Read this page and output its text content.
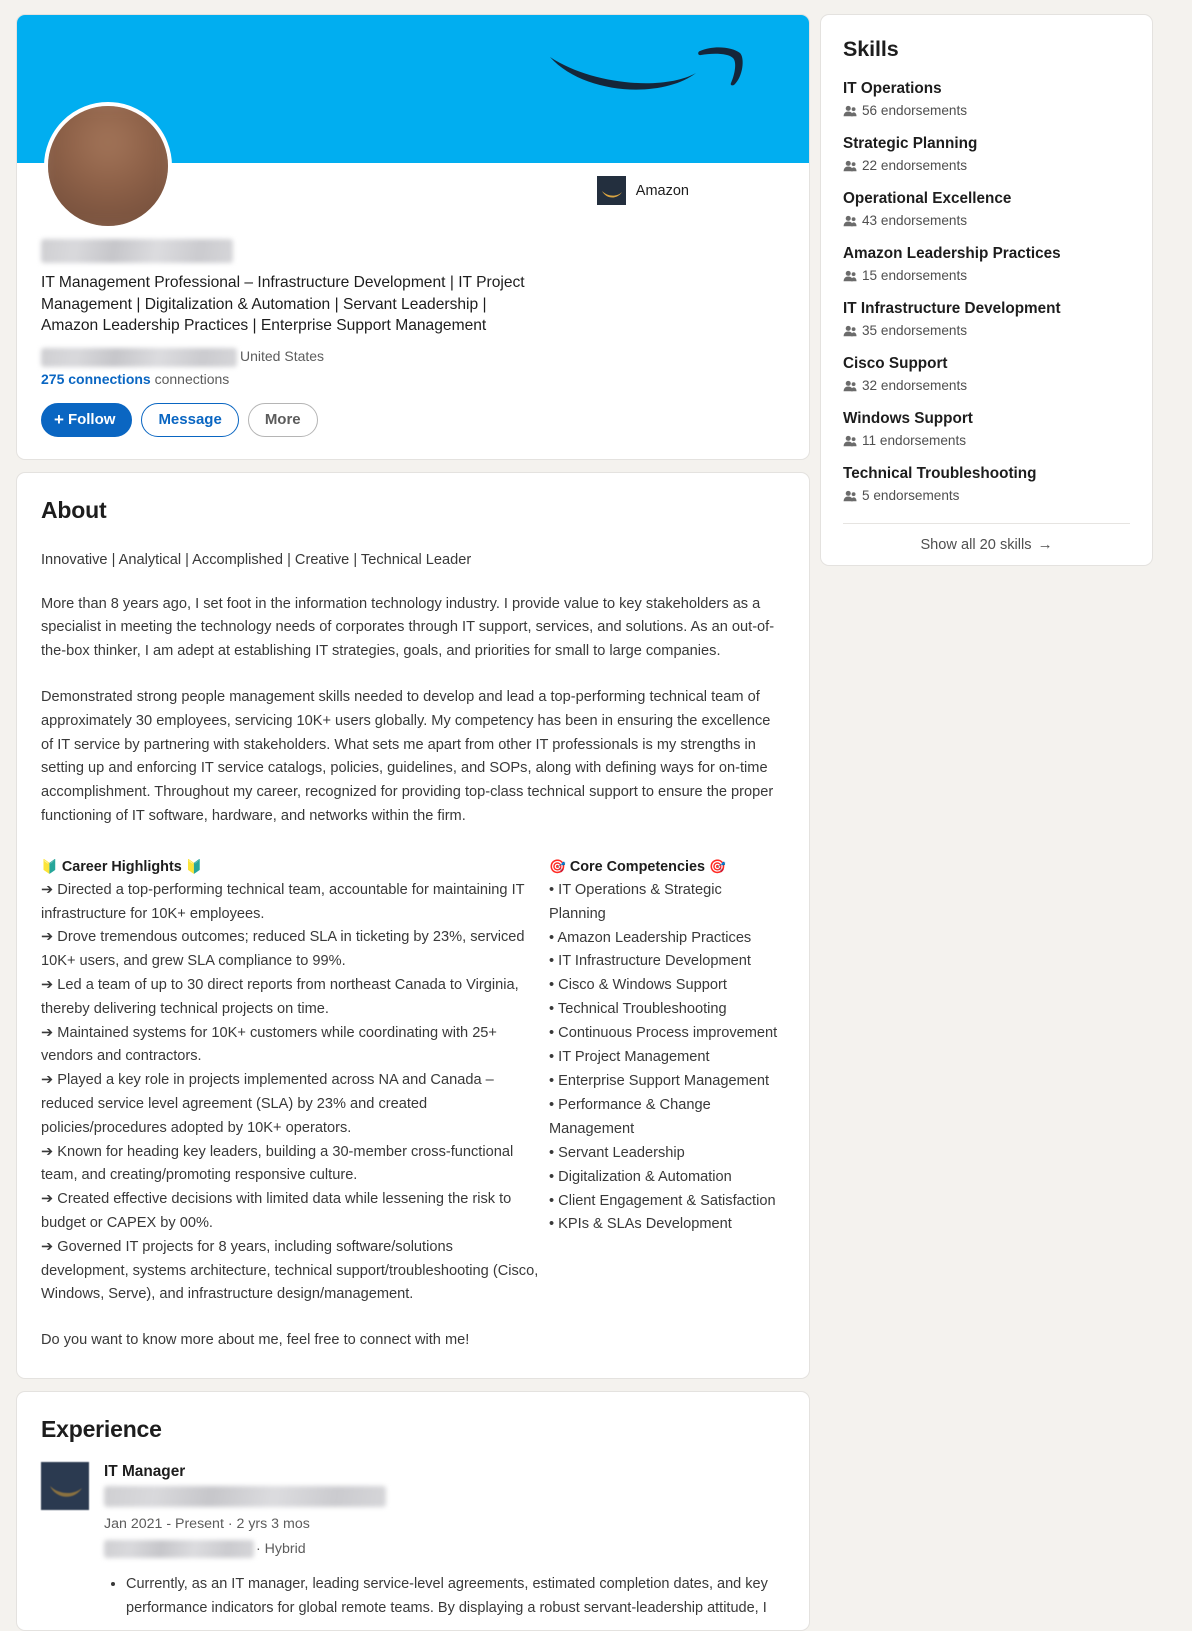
Amazon
IT Management Professional – Infrastructure Development | IT Project Management | Digitalization & Automation | Servant Leadership | Amazon Leadership Practices | Enterprise Support Management
United States
275 connections connections
+ Follow	Message	More
About
Innovative | Analytical | Accomplished | Creative | Technical Leader
More than 8 years ago, I set foot in the information technology industry. I provide value to key stakeholders as a specialist in meeting the technology needs of corporates through IT support, services, and solutions. As an out-of-the-box thinker, I am adept at establishing IT strategies, goals, and priorities for small to large companies.
Demonstrated strong people management skills needed to develop and lead a top-performing technical team of approximately 30 employees, servicing 10K+ users globally. My competency has been in ensuring the excellence of IT service by partnering with stakeholders. What sets me apart from other IT professionals is my strengths in setting up and enforcing IT service catalogs, policies, guidelines, and SOPs, along with defining ways for on-time accomplishment. Throughout my career, recognized for providing top-class technical support to ensure the proper functioning of IT software, hardware, and networks within the firm.
🔰 Career Highlights 🔰
➔ Directed a top-performing technical team, accountable for maintaining IT infrastructure for 10K+ employees.
➔ Drove tremendous outcomes; reduced SLA in ticketing by 23%, serviced 10K+ users, and grew SLA compliance to 99%.
➔ Led a team of up to 30 direct reports from northeast Canada to Virginia, thereby delivering technical projects on time.
➔ Maintained systems for 10K+ customers while coordinating with 25+ vendors and contractors.
➔ Played a key role in projects implemented across NA and Canada – reduced service level agreement (SLA) by 23% and created policies/procedures adopted by 10K+ operators.
➔ Known for heading key leaders, building a 30-member cross-functional team, and creating/promoting responsive culture.
➔ Created effective decisions with limited data while lessening the risk to budget or CAPEX by 00%.
➔ Governed IT projects for 8 years, including software/solutions development, systems architecture, technical support/troubleshooting (Cisco, Windows, Serve), and infrastructure design/management.
🎯 Core Competencies 🎯
• IT Operations & Strategic Planning
• Amazon Leadership Practices
• IT Infrastructure Development
• Cisco & Windows Support
• Technical Troubleshooting
• Continuous Process improvement
• IT Project Management
• Enterprise Support Management
• Performance & Change Management
• Servant Leadership
• Digitalization & Automation
• Client Engagement & Satisfaction
• KPIs & SLAs Development
Do you want to know more about me, feel free to connect with me!
Experience
IT Manager
Jan 2021 - Present · 2 yrs 3 mos
· Hybrid
• Currently, as an IT manager, leading service-level agreements, estimated completion dates, and key performance indicators for global remote teams. By displaying a robust servant-leadership attitude, I
Skills
IT Operations
56 endorsements
Strategic Planning
22 endorsements
Operational Excellence
43 endorsements
Amazon Leadership Practices
15 endorsements
IT Infrastructure Development
35 endorsements
Cisco Support
32 endorsements
Windows Support
11 endorsements
Technical Troubleshooting
5 endorsements
Show all 20 skills →
